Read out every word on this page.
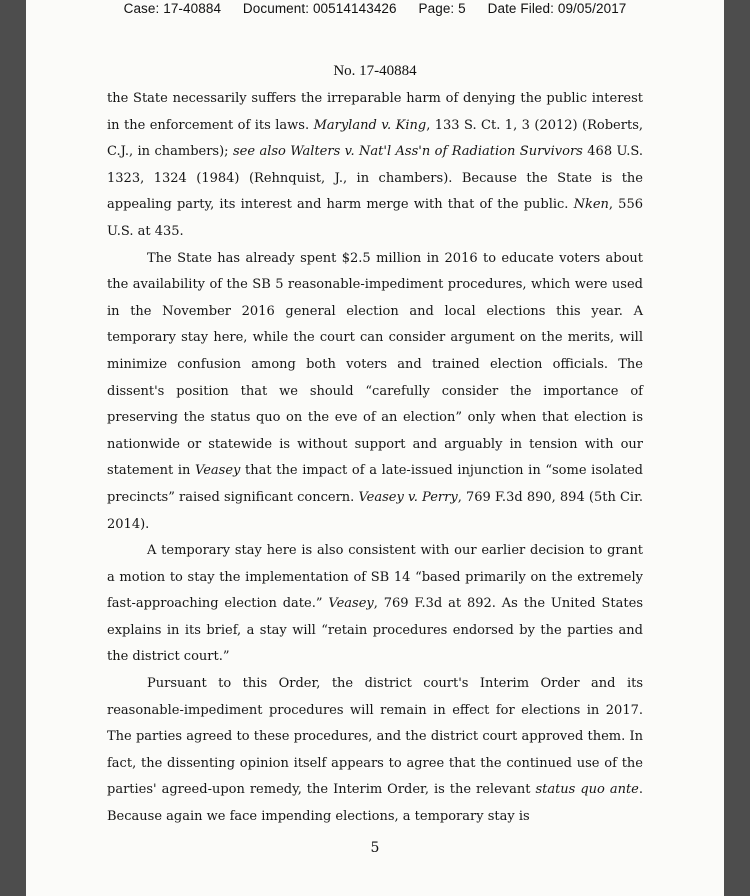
Case: 17-40884 Document: 00514143426 Page: 5 Date Filed: 09/05/2017
No. 17-40884

the State necessarily suffers the irreparable harm of denying the public interest in the enforcement of its laws. Maryland v. King, 133 S. Ct. 1, 3 (2012) (Roberts, C.J., in chambers); see also Walters v. Nat'l Ass'n of Radiation Survivors 468 U.S. 1323, 1324 (1984) (Rehnquist, J., in chambers). Because the State is the appealing party, its interest and harm merge with that of the public. Nken, 556 U.S. at 435.

The State has already spent $2.5 million in 2016 to educate voters about the availability of the SB 5 reasonable-impediment procedures, which were used in the November 2016 general election and local elections this year. A temporary stay here, while the court can consider argument on the merits, will minimize confusion among both voters and trained election officials. The dissent's position that we should “carefully consider the importance of preserving the status quo on the eve of an election” only when that election is nationwide or statewide is without support and arguably in tension with our statement in Veasey that the impact of a late-issued injunction in “some isolated precincts” raised significant concern. Veasey v. Perry, 769 F.3d 890, 894 (5th Cir. 2014).

A temporary stay here is also consistent with our earlier decision to grant a motion to stay the implementation of SB 14 “based primarily on the extremely fast-approaching election date.” Veasey, 769 F.3d at 892. As the United States explains in its brief, a stay will “retain procedures endorsed by the parties and the district court.”

Pursuant to this Order, the district court's Interim Order and its reasonable-impediment procedures will remain in effect for elections in 2017. The parties agreed to these procedures, and the district court approved them. In fact, the dissenting opinion itself appears to agree that the continued use of the parties' agreed-upon remedy, the Interim Order, is the relevant status quo ante. Because again we face impending elections, a temporary stay is

5
